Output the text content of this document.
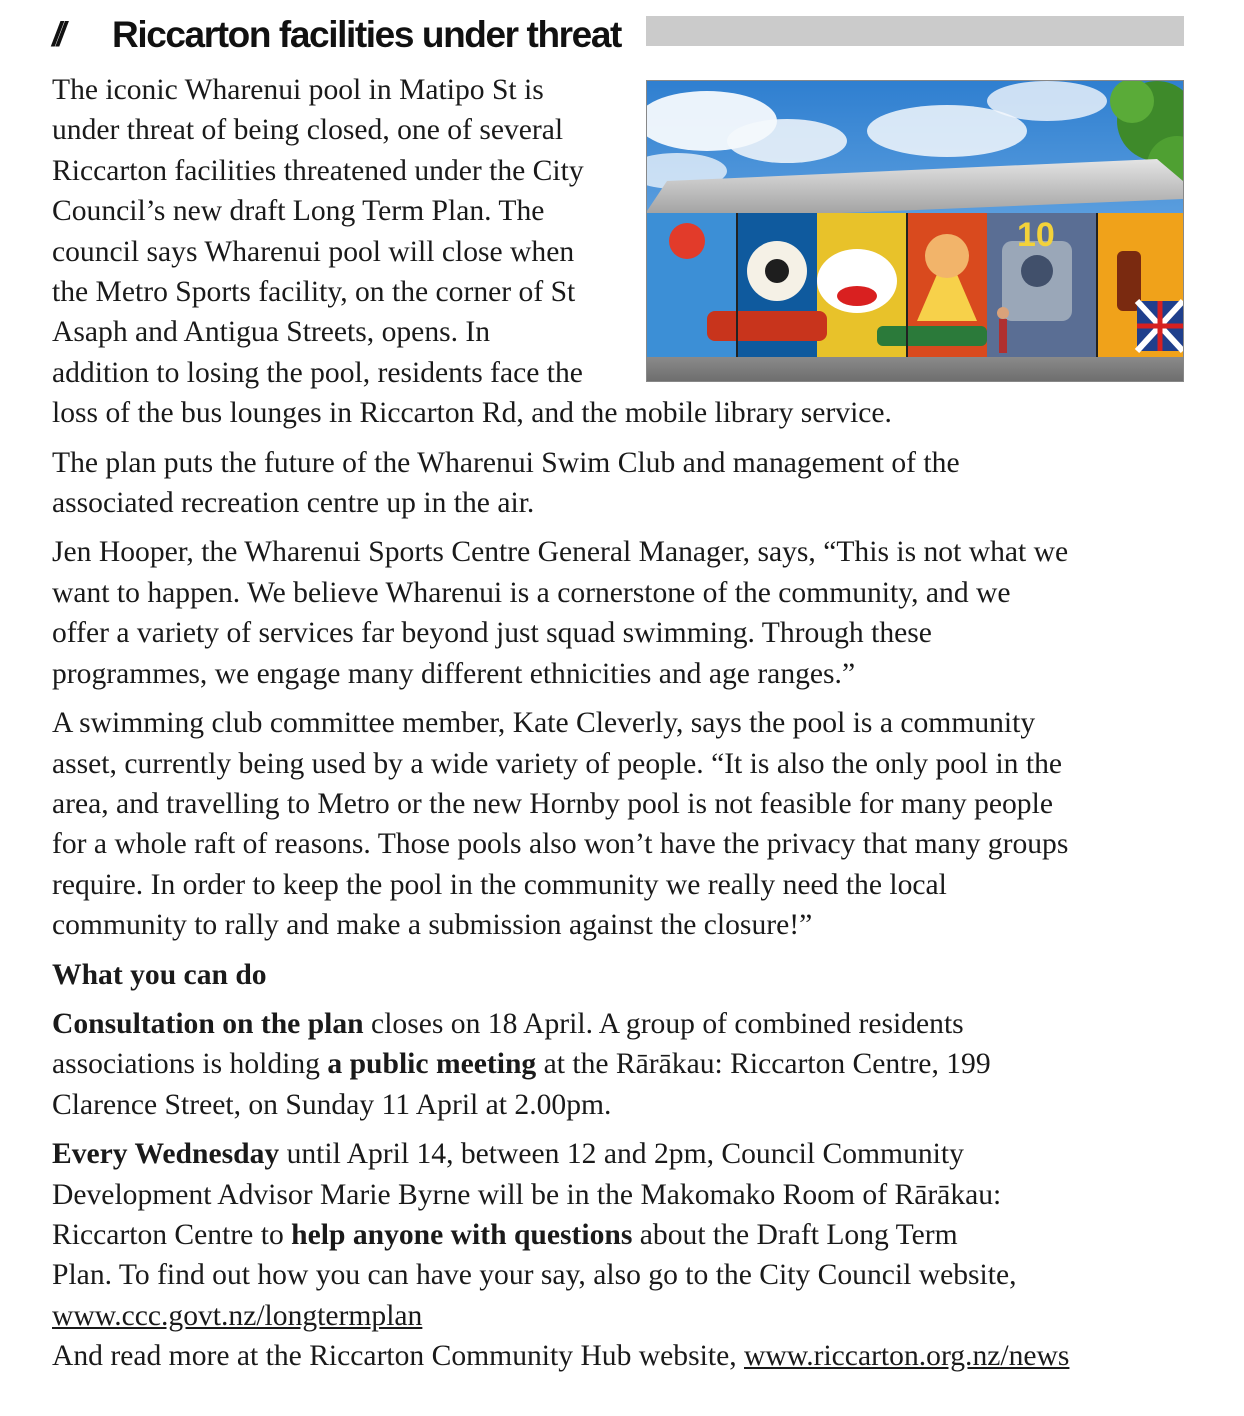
// Riccarton facilities under threat
10

The iconic Wharenui pool in Matipo St is
under threat of being closed, one of several
Riccarton facilities threatened under the City
Council’s new draft Long Term Plan. The
council says Wharenui pool will close when
the Metro Sports facility, on the corner of St
Asaph and Antigua Streets, opens. In
addition to losing the pool, residents face the
loss of the bus lounges in Riccarton Rd, and the mobile library service.

The plan puts the future of the Wharenui Swim Club and management of the
associated recreation centre up in the air.

Jen Hooper, the Wharenui Sports Centre General Manager, says, “This is not what we
want to happen. We believe Wharenui is a cornerstone of the community, and we
offer a variety of services far beyond just squad swimming. Through these
programmes, we engage many different ethnicities and age ranges.”

A swimming club committee member, Kate Cleverly, says the pool is a community
asset, currently being used by a wide variety of people. “It is also the only pool in the
area, and travelling to Metro or the new Hornby pool is not feasible for many people
for a whole raft of reasons. Those pools also won’t have the privacy that many groups
require. In order to keep the pool in the community we really need the local
community to rally and make a submission against the closure!”

What you can do

Consultation on the plan closes on 18 April. A group of combined residents
associations is holding a public meeting at the Rārākau: Riccarton Centre, 199
Clarence Street, on Sunday 11 April at 2.00pm.

Every Wednesday until April 14, between 12 and 2pm, Council Community
Development Advisor Marie Byrne will be in the Makomako Room of Rārākau:
Riccarton Centre to help anyone with questions about the Draft Long Term
Plan. To find out how you can have your say, also go to the City Council website,
www.ccc.govt.nz/longtermplan
And read more at the Riccarton Community Hub website, www.riccarton.org.nz/news
